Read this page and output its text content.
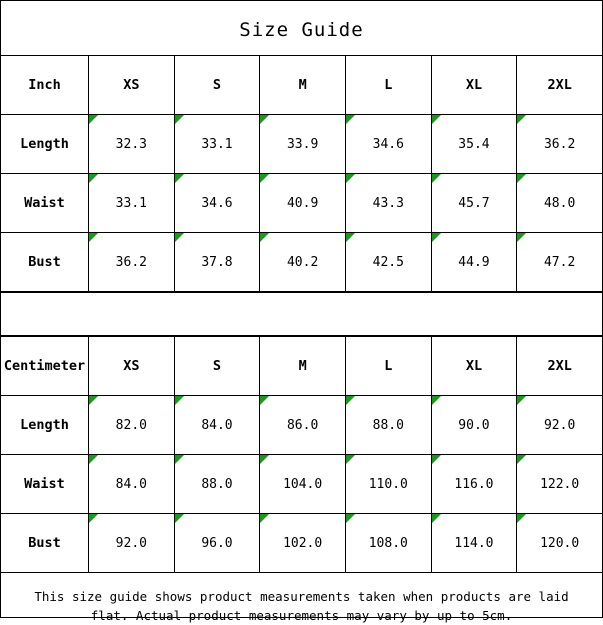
Size Guide
Inch	XS	S	M	L	XL	2XL
Length	32.3	33.1	33.9	34.6	35.4	36.2
Waist	33.1	34.6	40.9	43.3	45.7	48.0
Bust	36.2	37.8	40.2	42.5	44.9	47.2
Centimeter	XS	S	M	L	XL	2XL
Length	82.0	84.0	86.0	88.0	90.0	92.0
Waist	84.0	88.0	104.0	110.0	116.0	122.0
Bust	92.0	96.0	102.0	108.0	114.0	120.0
This size guide shows product measurements taken when products are laid flat. Actual product measurements may vary by up to 5cm.
